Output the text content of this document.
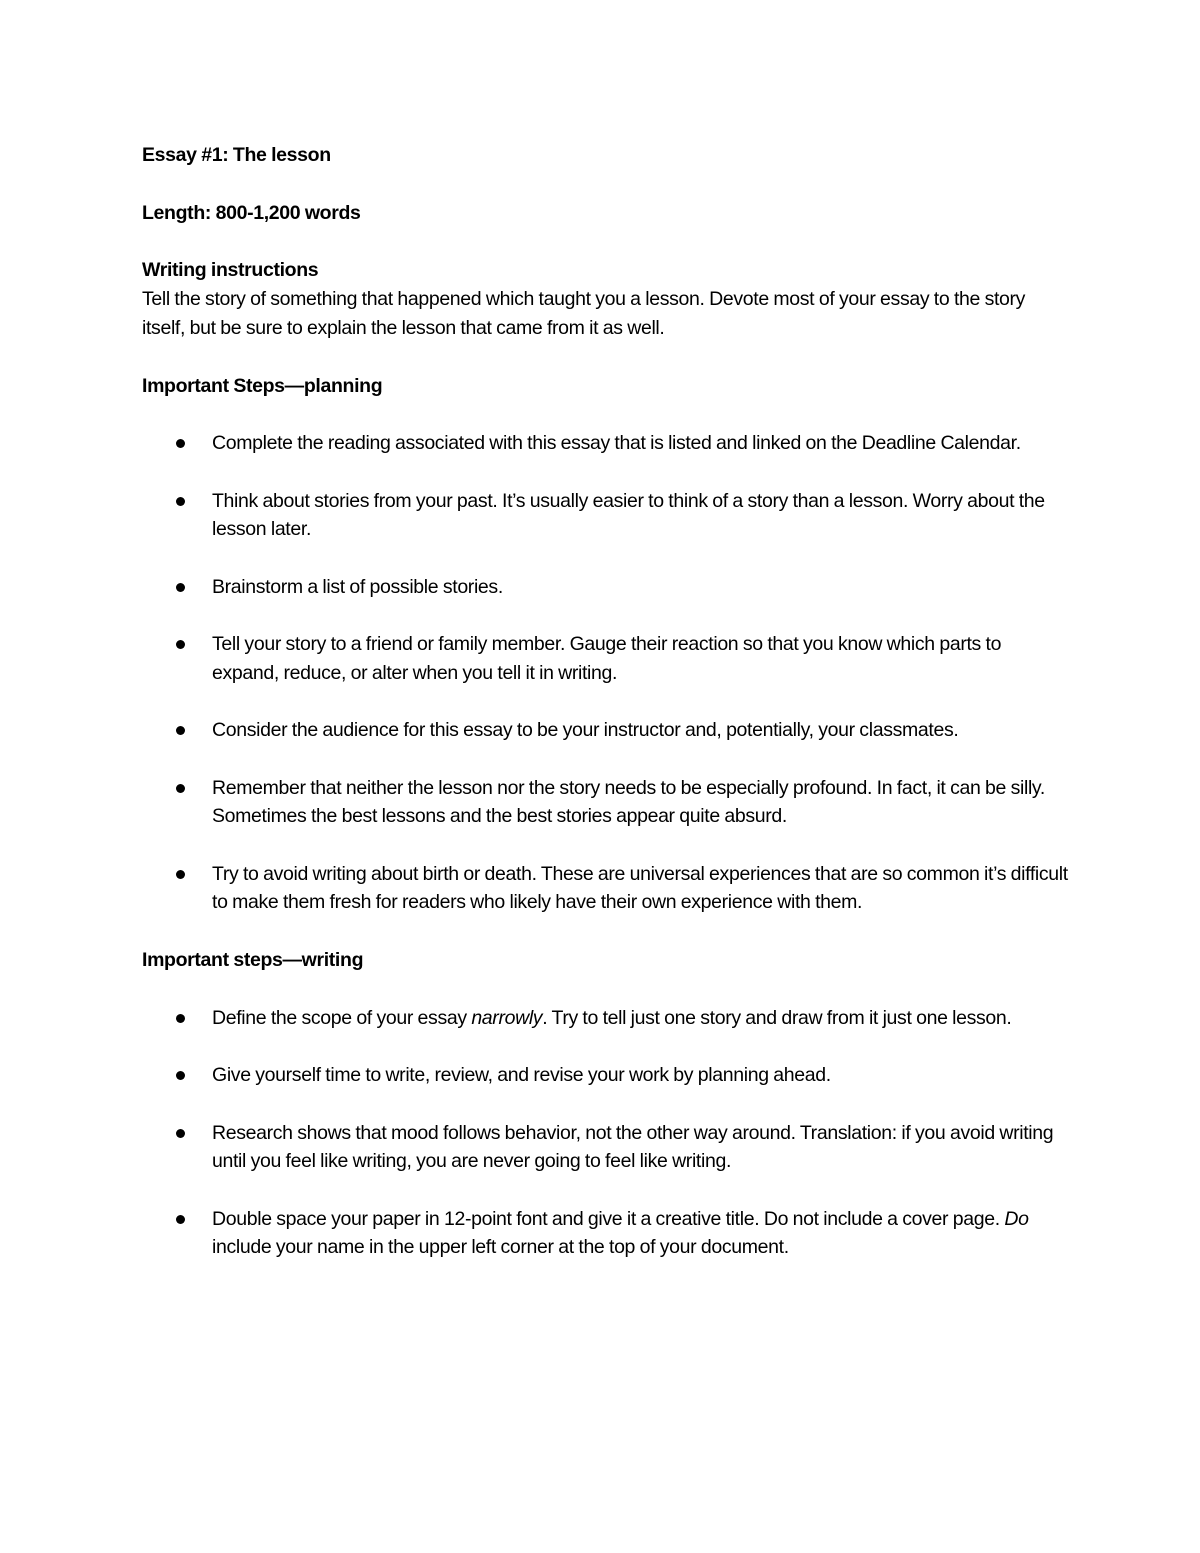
Essay #1: The lesson

Length: 800-1,200 words

Writing instructions

Tell the story of something that happened which taught you a lesson. Devote most of your essay to the story itself, but be sure to explain the lesson that came from it as well.

Important Steps—planning

Complete the reading associated with this essay that is listed and linked on the Deadline Calendar.
Think about stories from your past. It’s usually easier to think of a story than a lesson. Worry about the lesson later.
Brainstorm a list of possible stories.
Tell your story to a friend or family member. Gauge their reaction so that you know which parts to expand, reduce, or alter when you tell it in writing.
Consider the audience for this essay to be your instructor and, potentially, your classmates.
Remember that neither the lesson nor the story needs to be especially profound. In fact, it can be silly. Sometimes the best lessons and the best stories appear quite absurd.
Try to avoid writing about birth or death. These are universal experiences that are so common it’s difficult to make them fresh for readers who likely have their own experience with them.

Important steps—writing

Define the scope of your essay narrowly. Try to tell just one story and draw from it just one lesson.
Give yourself time to write, review, and revise your work by planning ahead.
Research shows that mood follows behavior, not the other way around. Translation: if you avoid writing until you feel like writing, you are never going to feel like writing.
Double space your paper in 12-point font and give it a creative title. Do not include a cover page. Do include your name in the upper left corner at the top of your document.
